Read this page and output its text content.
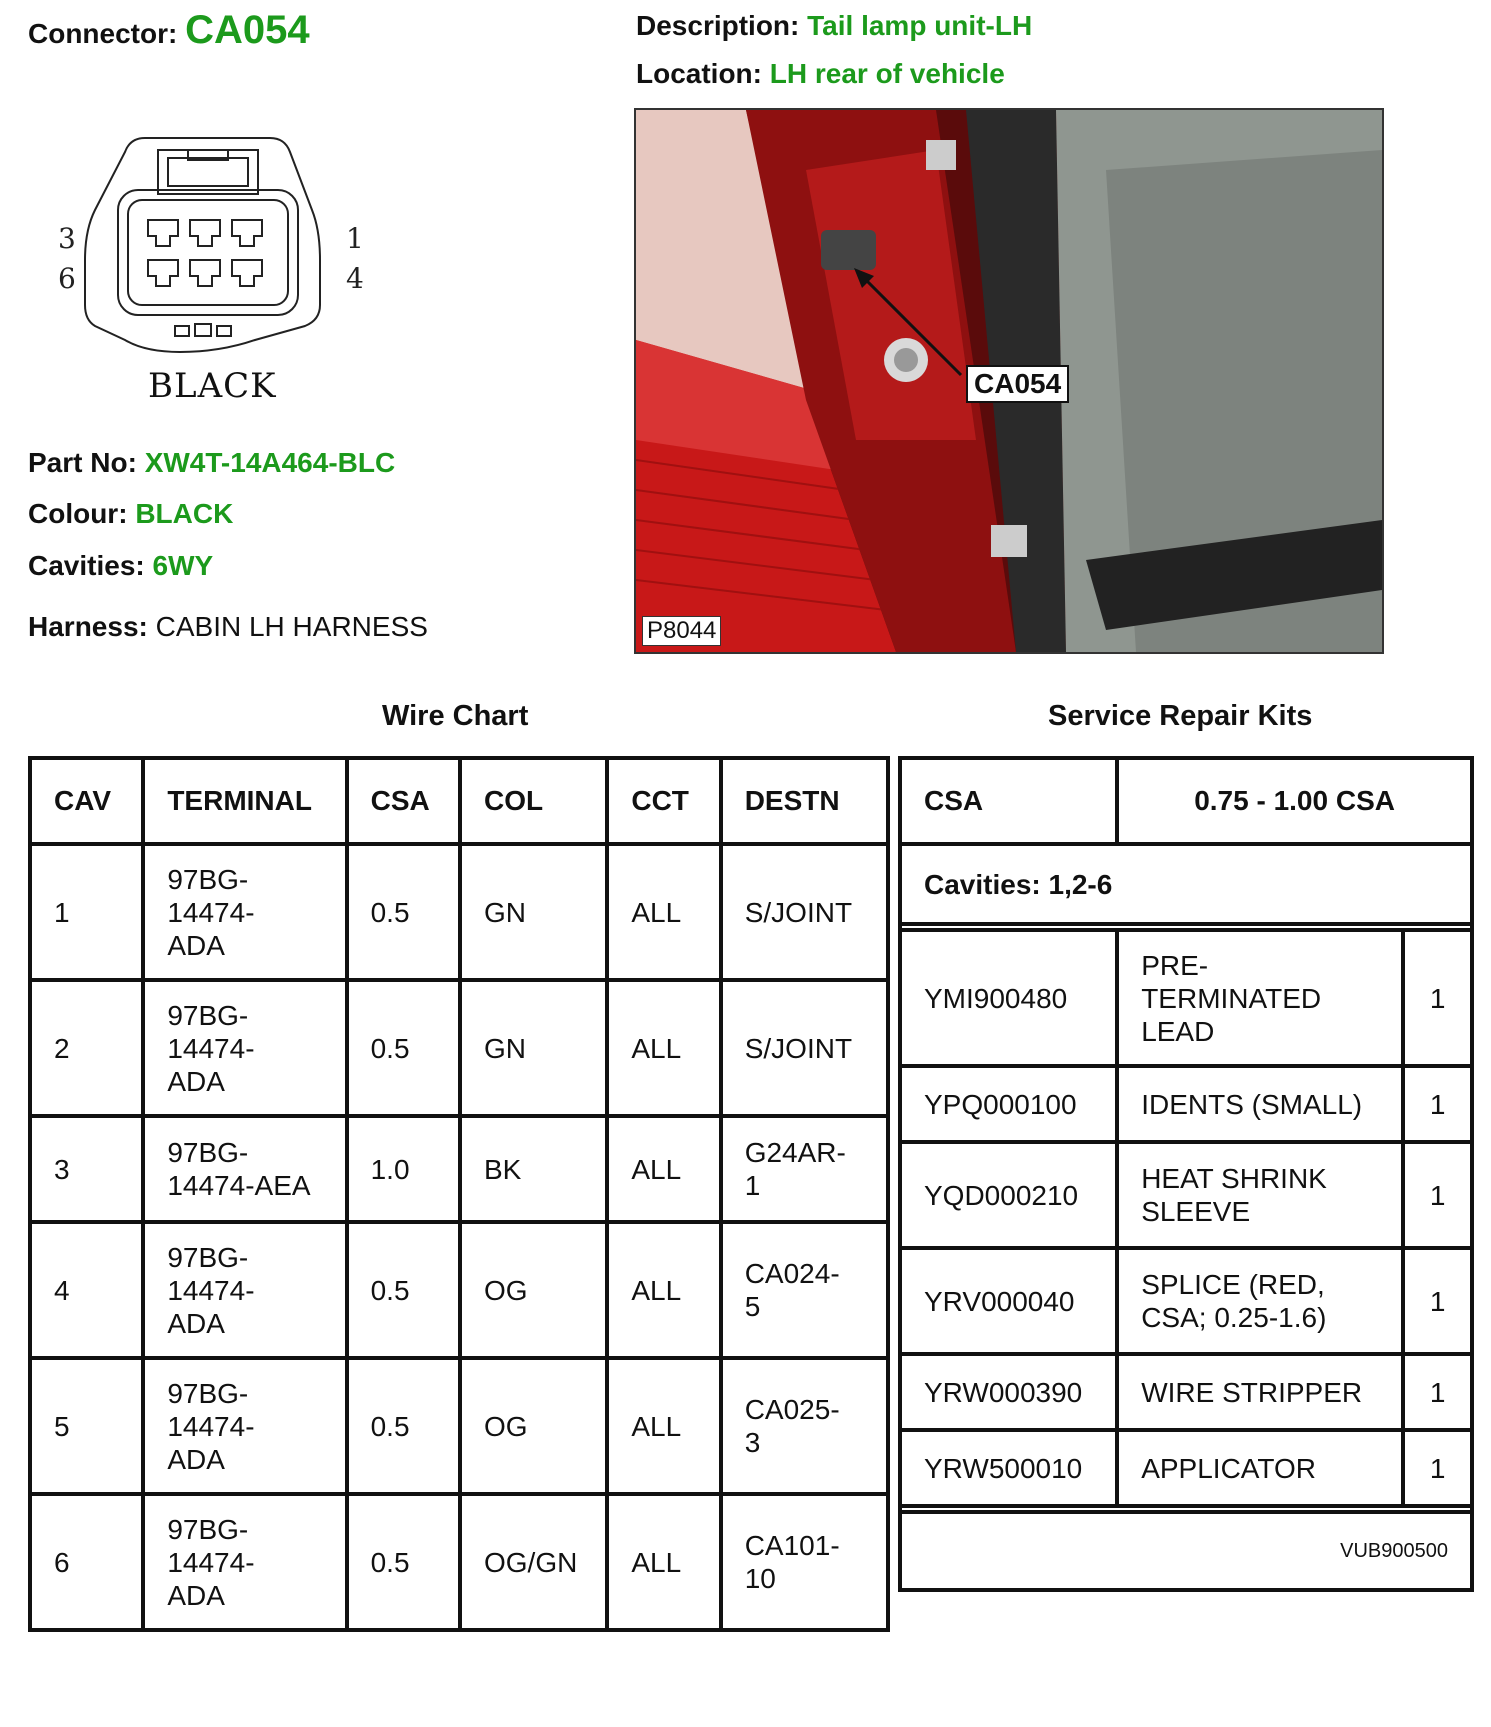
Connector: CA054	Description: Tail lamp unit-LH
Location: LH rear of vehicle
3
6
1
4
BLACK
Part No: XW4T-14A464-BLC
Colour: BLACK
Cavities: 6WY
Harness: CABIN LH HARNESS
CA054
P8044
Wire Chart	Service Repair Kits
CAV	TERMINAL	CSA	COL	CCT	DESTN
1	97BG-
14474-
ADA	0.5	GN	ALL	S/JOINT
2	97BG-
14474-
ADA	0.5	GN	ALL	S/JOINT
3	97BG-
14474-AEA	1.0	BK	ALL	G24AR-
1
4	97BG-
14474-
ADA	0.5	OG	ALL	CA024-
5
5	97BG-
14474-
ADA	0.5	OG	ALL	CA025-
3
6	97BG-
14474-
ADA	0.5	OG/GN	ALL	CA101-
10
CSA	0.75 - 1.00 CSA	
Cavities: 1,2-6		

YMI900480	PRE-
TERMINATED
LEAD	1
YPQ000100	IDENTS (SMALL)	1
YQD000210	HEAT SHRINK
SLEEVE	1
YRV000040	SPLICE (RED,
CSA; 0.25-1.6)	1
YRW000390	WIRE STRIPPER	1
YRW500010	APPLICATOR	1

VUB900500		
